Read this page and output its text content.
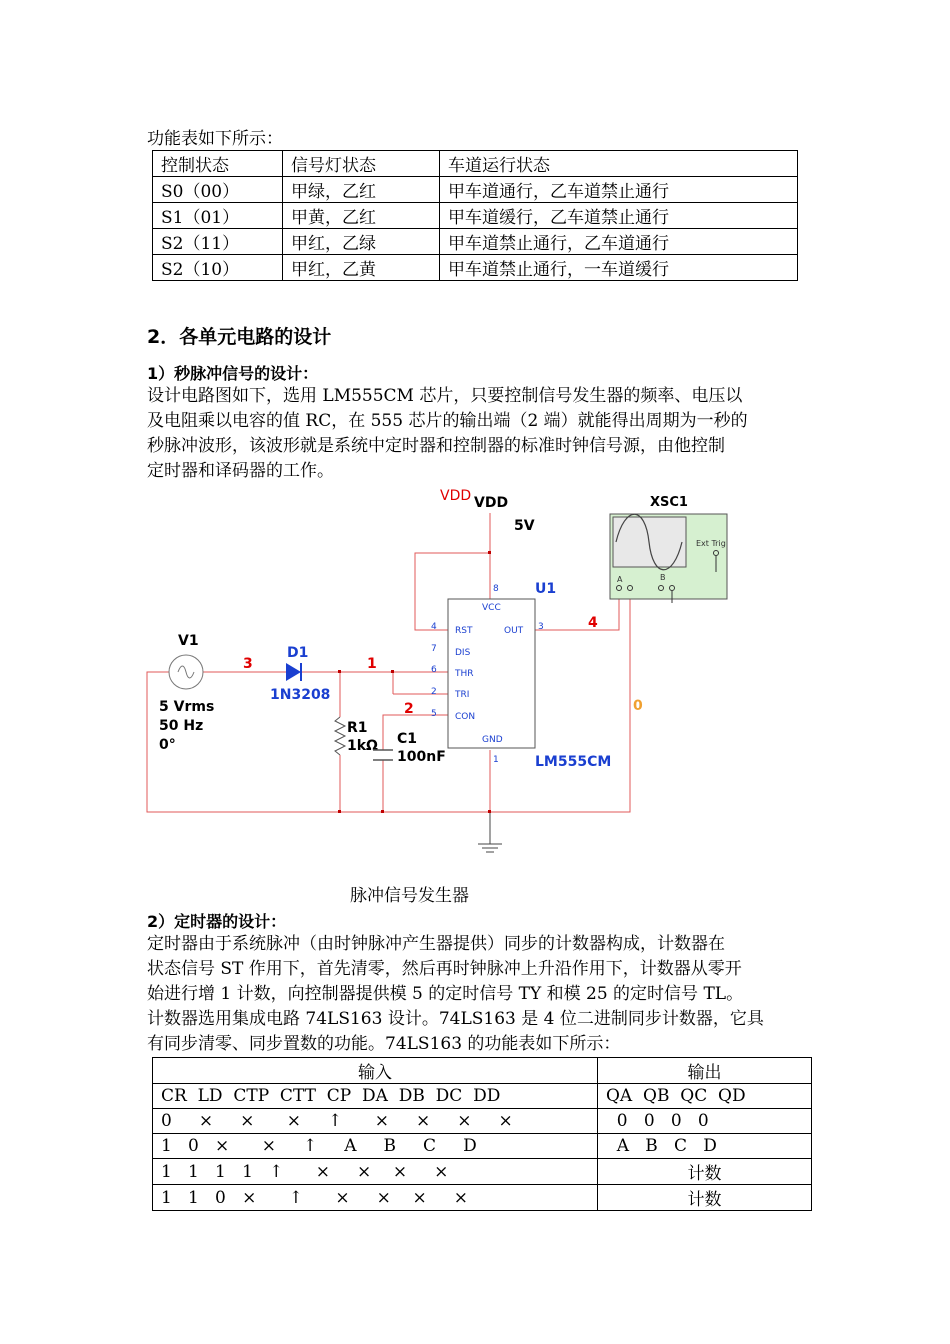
功能表如下所示：
控制状态	信号灯状态	车道运行状态
S0（00）	甲绿，乙红	甲车道通行，乙车道禁止通行
S1（01）	甲黄，乙红	甲车道缓行，乙车道禁止通行
S2（11）	甲红，乙绿	甲车道禁止通行，乙车道通行
S2（10）	甲红，乙黄	甲车道禁止通行，一车道缓行
2．各单元电路的设计
1）秒脉冲信号的设计：
设计电路图如下，选用 LM555CM 芯片，只要控制信号发生器的频率、电压以
及电阻乘以电容的值 RC，在 555 芯片的输出端（2 端）就能得出周期为一秒的
秒脉冲波形，该波形就是系统中定时器和控制器的标准时钟信号源，由他控制
定时器和译码器的工作。
VDD VDD
5V
XSC1
Ext Trig
A	B
U1
VCC
RST	OUT
DIS
THR
TRI
CON
GND
8
4	3
7
6
2
5
1	LM555CM
V1
5 Vrms
50 Hz
0°
D1
1N3208
R1
1kΩ C1
100nF
3	1
2
4
0
脉冲信号发生器
2）定时器的设计：
定时器由于系统脉冲（由时钟脉冲产生器提供）同步的计数器构成，计数器在
状态信号 ST 作用下，首先清零，然后再时钟脉冲上升沿作用下，计数器从零开
始进行增 1 计数，向控制器提供模 5 的定时信号 TY 和模 25 的定时信号 TL。
计数器选用集成电路 74LS163 设计。74LS163 是 4 位二进制同步计数器，它具
有同步清零、同步置数的功能。74LS163 的功能表如下所示：
输入	输出
CR  LD  CTP  CTT  CP  DA  DB  DC  DD	QA  QB  QC  QD
0     ×     ×      ×     ↑      ×     ×     ×     ×	0   0   0   0
1   0   ×      ×     ↑     A     B     C     D	A   B   C   D
1   1   1   1   ↑      ×     ×    ×     ×	计数
1   1   0   ×      ↑      ×     ×    ×     ×	计数
